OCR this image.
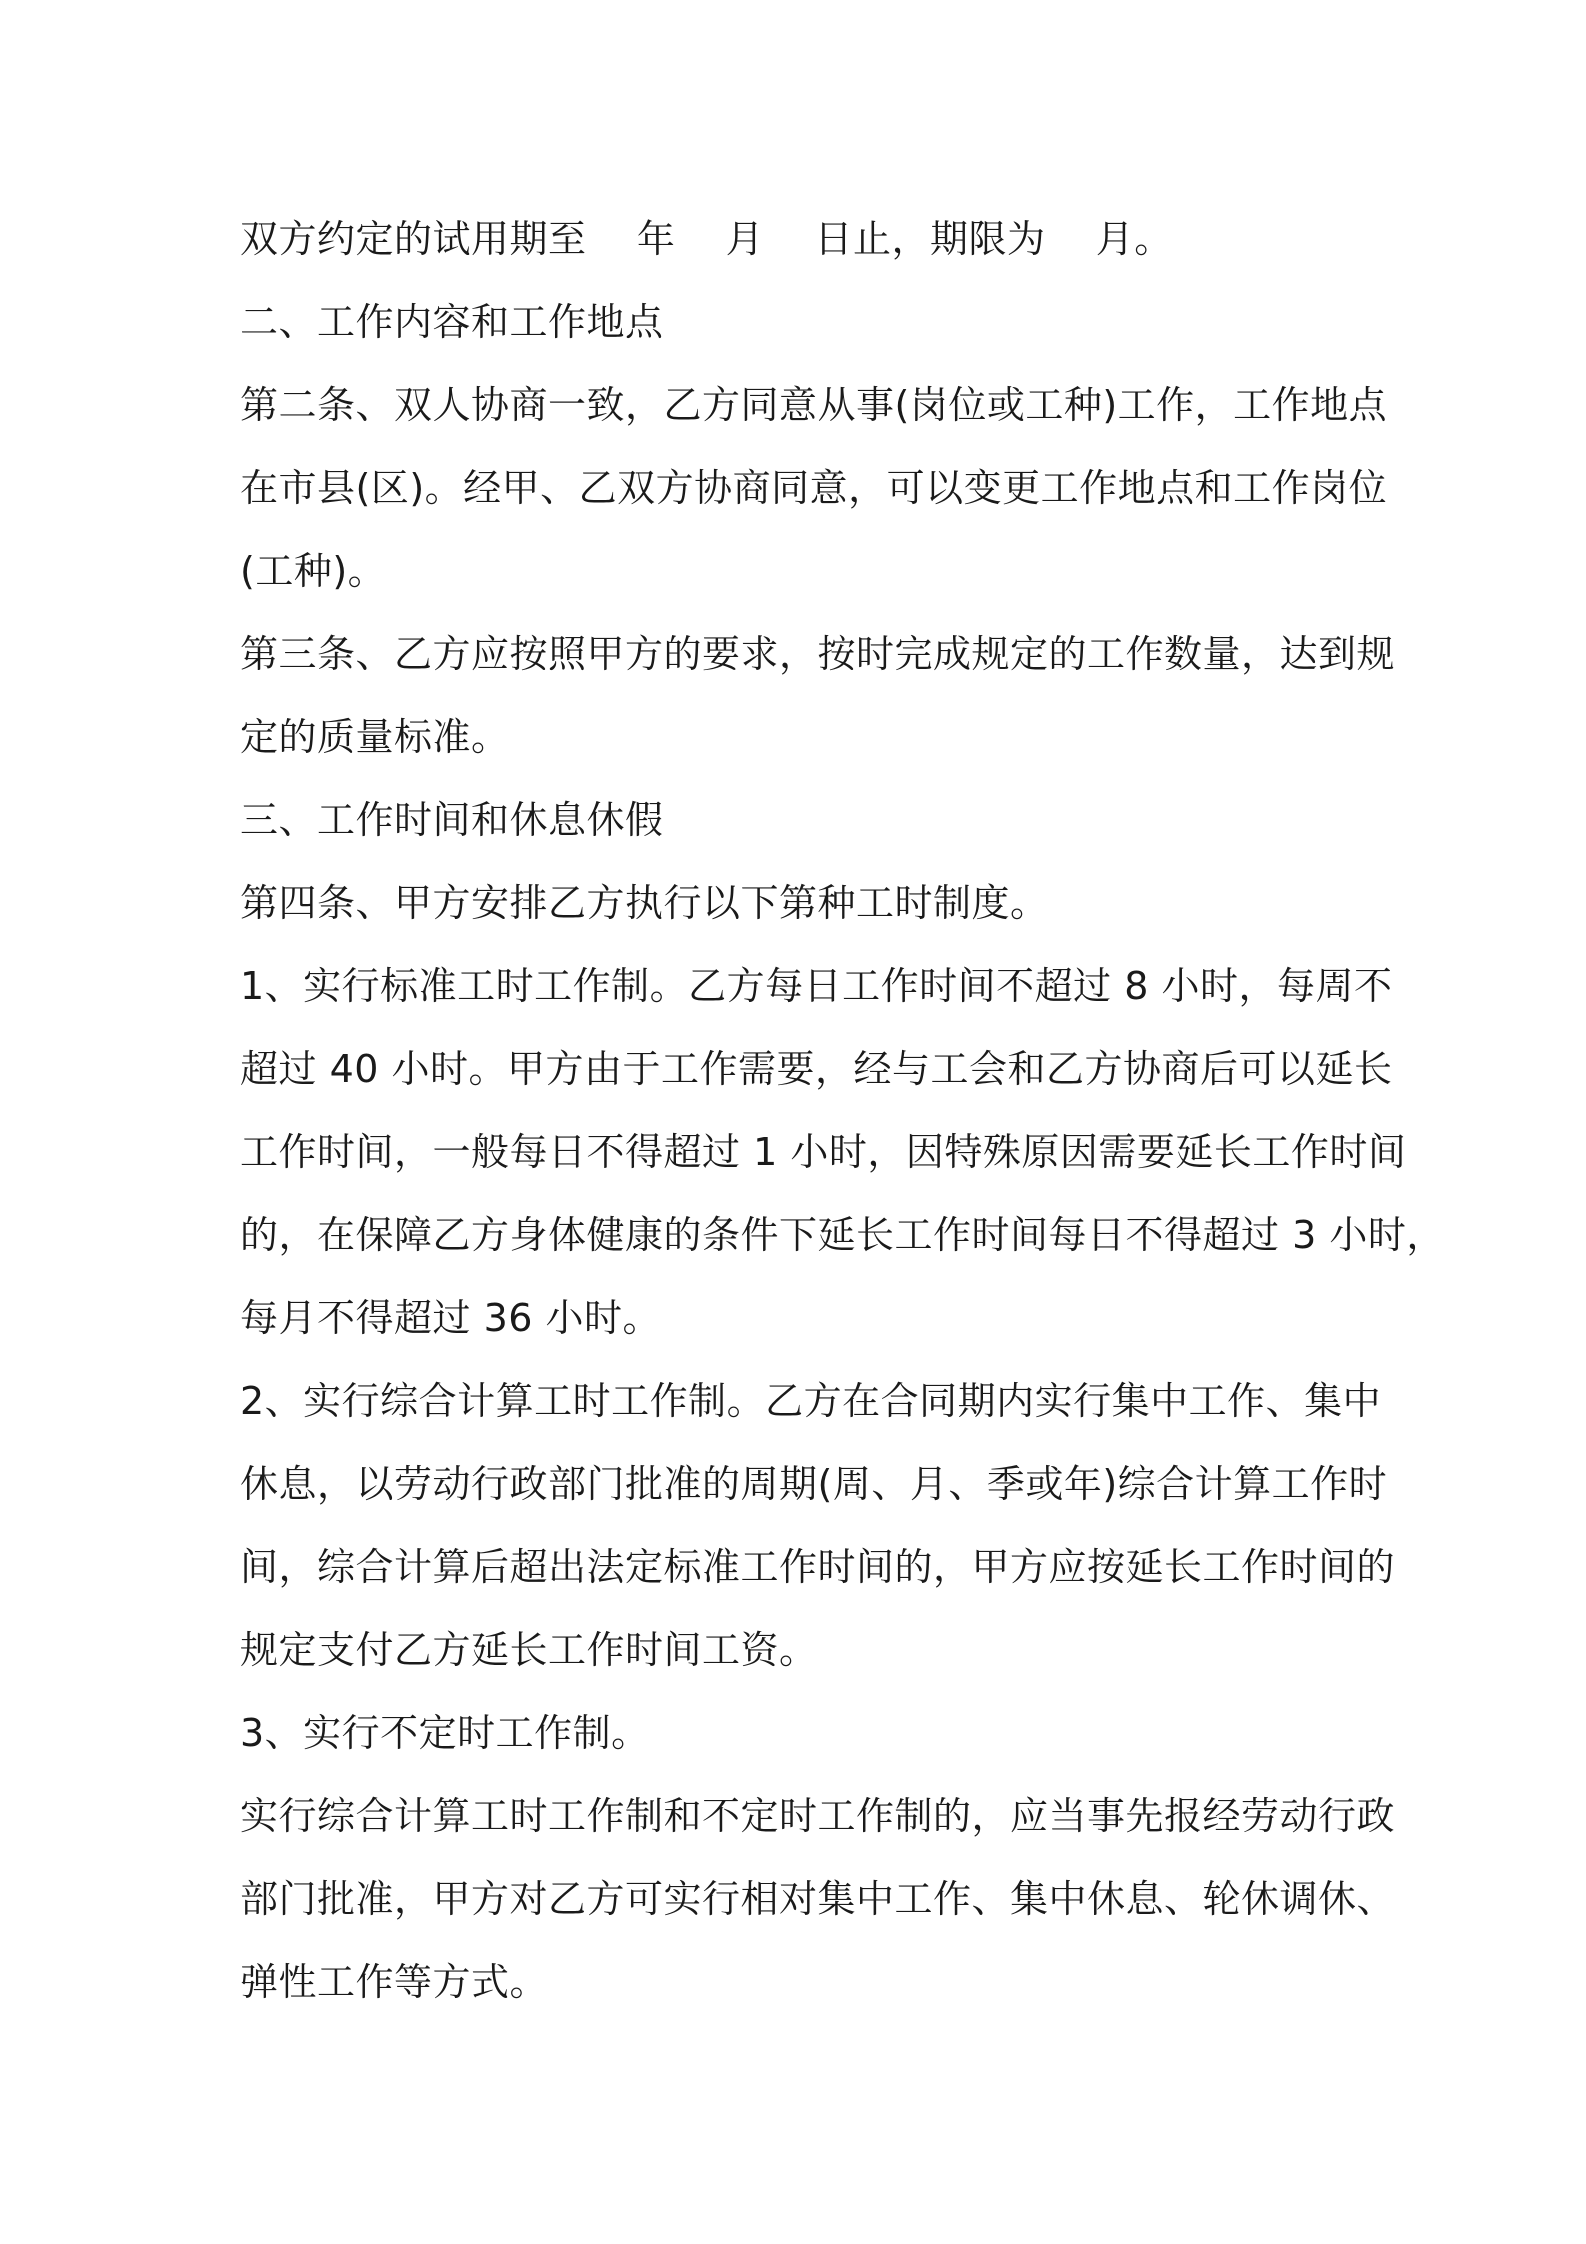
双方约定的试用期至    年    月    日止，期限为    月。
二、工作内容和工作地点
第二条、双人协商一致，乙方同意从事(岗位或工种)工作，工作地点
在市县(区)。经甲、乙双方协商同意，可以变更工作地点和工作岗位
(工种)。
第三条、乙方应按照甲方的要求，按时完成规定的工作数量，达到规
定的质量标准。
三、工作时间和休息休假
第四条、甲方安排乙方执行以下第种工时制度。
1、实行标准工时工作制。乙方每日工作时间不超过 8 小时，每周不
超过 40 小时。甲方由于工作需要，经与工会和乙方协商后可以延长
工作时间，一般每日不得超过 1 小时，因特殊原因需要延长工作时间
的，在保障乙方身体健康的条件下延长工作时间每日不得超过 3 小时，
每月不得超过 36 小时。
2、实行综合计算工时工作制。乙方在合同期内实行集中工作、集中
休息，以劳动行政部门批准的周期(周、月、季或年)综合计算工作时
间，综合计算后超出法定标准工作时间的，甲方应按延长工作时间的
规定支付乙方延长工作时间工资。
3、实行不定时工作制。
实行综合计算工时工作制和不定时工作制的，应当事先报经劳动行政
部门批准，甲方对乙方可实行相对集中工作、集中休息、轮休调休、
弹性工作等方式。
